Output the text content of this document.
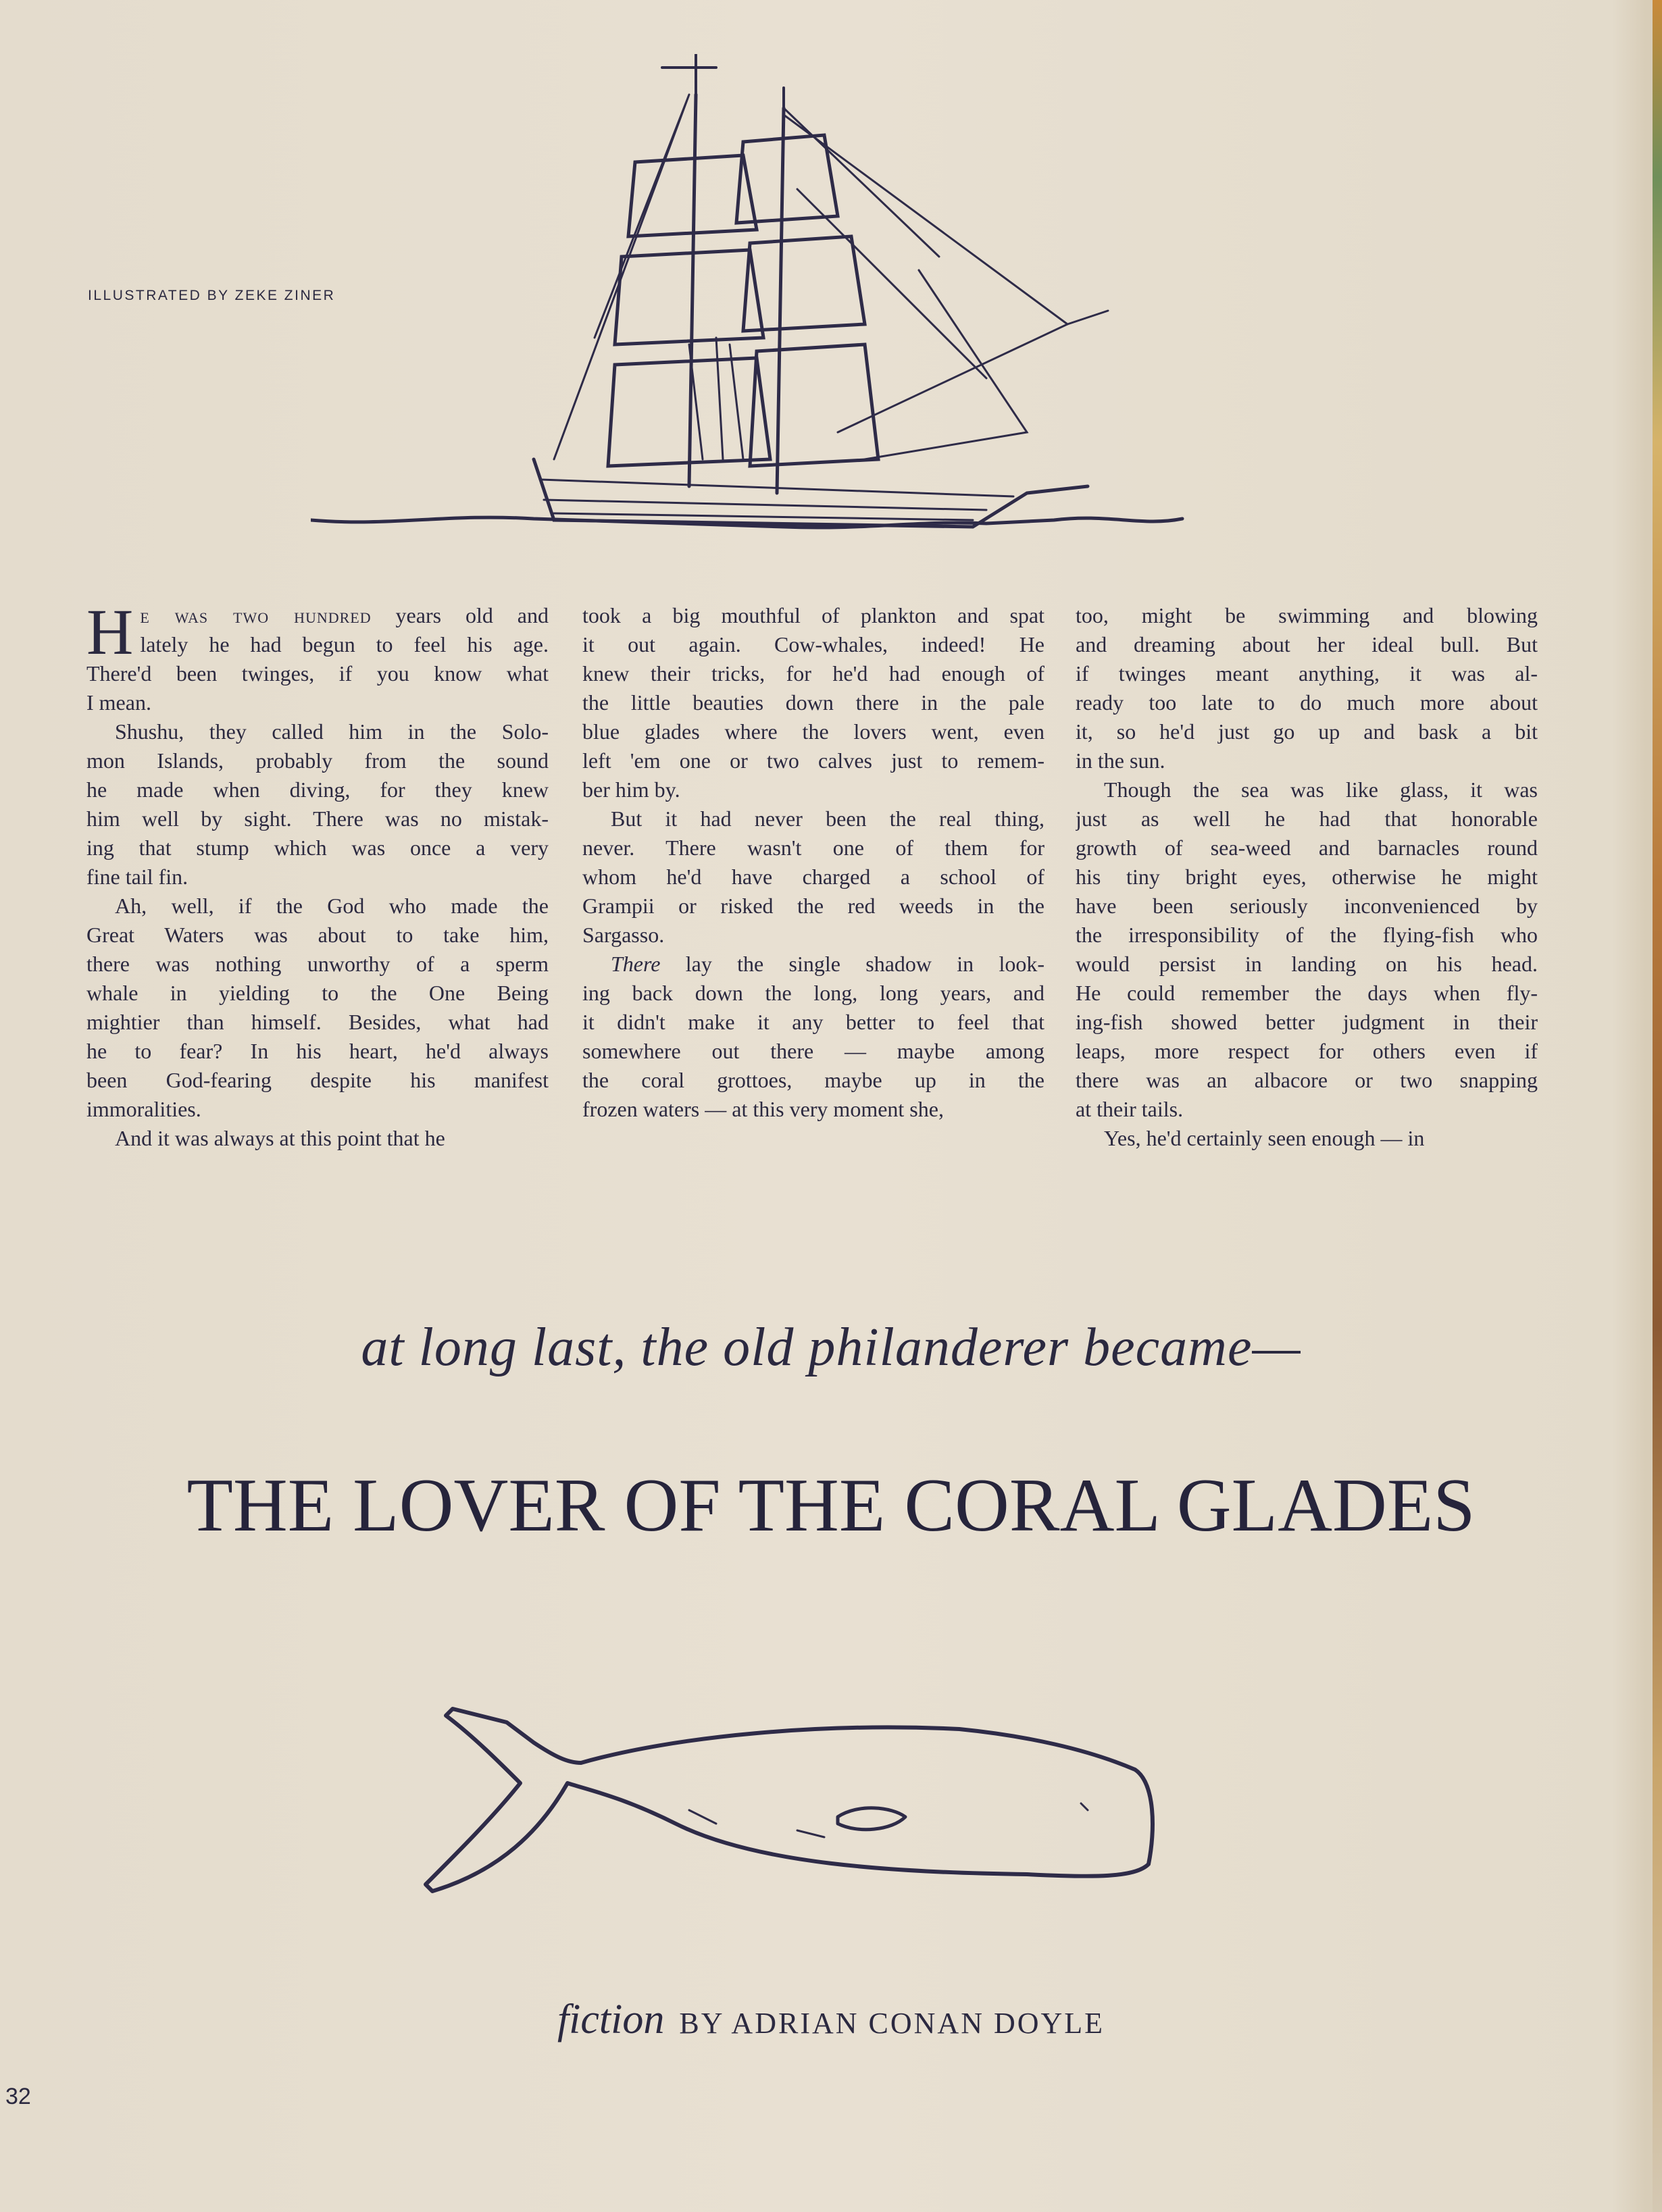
ILLUSTRATED BY ZEKE ZINER
H e was two hundred years old and
lately he had begun to feel his age.
There'd been twinges, if you know what
I mean.
Shushu, they called him in the Solo-
mon Islands, probably from the sound
he made when diving, for they knew
him well by sight. There was no mistak-
ing that stump which was once a very
fine tail fin.
Ah, well, if the God who made the
Great Waters was about to take him,
there was nothing unworthy of a sperm
whale in yielding to the One Being
mightier than himself. Besides, what had
he to fear? In his heart, he'd always
been God-fearing despite his manifest
immoralities.
And it was always at this point that he
took a big mouthful of plankton and spat
it out again. Cow-whales, indeed! He
knew their tricks, for he'd had enough of
the little beauties down there in the pale
blue glades where the lovers went, even
left 'em one or two calves just to remem-
ber him by.
But it had never been the real thing,
never. There wasn't one of them for
whom he'd have charged a school of
Grampii or risked the red weeds in the
Sargasso.
There lay the single shadow in look-
ing back down the long, long years, and
it didn't make it any better to feel that
somewhere out there — maybe among
the coral grottoes, maybe up in the
frozen waters — at this very moment she,
too, might be swimming and blowing
and dreaming about her ideal bull. But
if twinges meant anything, it was al-
ready too late to do much more about
it, so he'd just go up and bask a bit
in the sun.
Though the sea was like glass, it was
just as well he had that honorable
growth of sea-weed and barnacles round
his tiny bright eyes, otherwise he might
have been seriously inconvenienced by
the irresponsibility of the flying-fish who
would persist in landing on his head.
He could remember the days when fly-
ing-fish showed better judgment in their
leaps, more respect for others even if
there was an albacore or two snapping
at their tails.
Yes, he'd certainly seen enough — in
at long last, the old philanderer became—
THE LOVER OF THE CORAL GLADES
fiction BY ADRIAN CONAN DOYLE
32
